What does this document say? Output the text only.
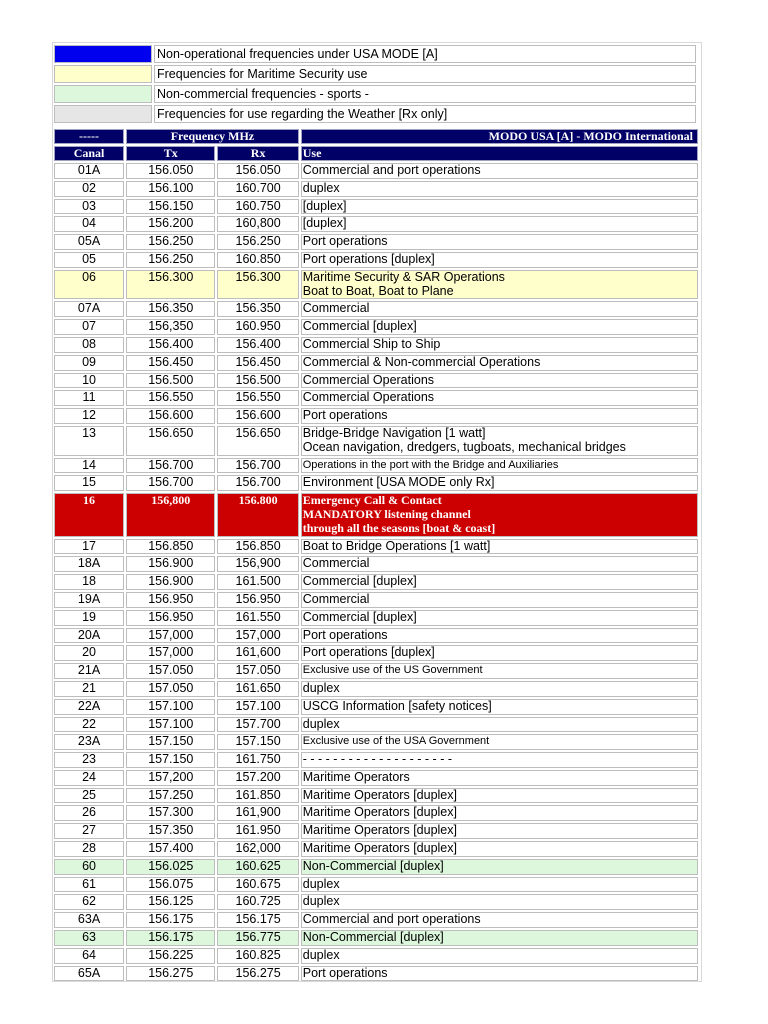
	Non-operational frequencies under USA MODE [A]
	Frequencies for Maritime Security use
	Non-commercial frequencies - sports -
	Frequencies for use regarding the Weather [Rx only]
-----	Frequency MHz		MODO USA [A] - MODO International
Canal	Tx	Rx	Use
01A	156.050	156.050	Commercial and port operations

02	156.100	160.700	duplex

03	156.150	160.750	[duplex]

04	156.200	160,800	[duplex]

05A	156.250	156.250	Port operations

05	156.250	160.850	Port operations [duplex]

06	156.300	156.300	Maritime Security & SAR Operations
Boat to Boat, Boat to Plane

07A	156.350	156.350	Commercial

07	156,350	160.950	Commercial [duplex]

08	156.400	156.400	Commercial Ship to Ship

09	156.450	156.450	Commercial & Non-commercial Operations

10	156.500	156.500	Commercial Operations

11	156.550	156.550	Commercial Operations

12	156.600	156.600	Port operations

13	156.650	156.650	Bridge-Bridge Navigation [1 watt]
Ocean navigation, dredgers, tugboats, mechanical bridges

14	156.700	156.700	Operations in the port with the Bridge and Auxiliaries

15	156.700	156.700	Environment [USA MODE only Rx]

16	156,800	156.800	Emergency Call & Contact
MANDATORY listening channel
through all the seasons [boat & coast]

17	156.850	156.850	Boat to Bridge Operations [1 watt]

18A	156.900	156,900	Commercial

18	156.900	161.500	Commercial [duplex]

19A	156.950	156.950	Commercial

19	156.950	161.550	Commercial [duplex]

20A	157,000	157,000	Port operations

20	157,000	161,600	Port operations [duplex]

21A	157.050	157.050	Exclusive use of the US Government

21	157.050	161.650	duplex

22A	157.100	157.100	USCG Information [safety notices]

22	157.100	157.700	duplex

23A	157.150	157.150	Exclusive use of the USA Government

23	157.150	161.750	- - - - - - - - - - - - - - - - - - - -

24	157,200	157.200	Maritime Operators

25	157.250	161.850	Maritime Operators [duplex]

26	157.300	161,900	Maritime Operators [duplex]

27	157.350	161.950	Maritime Operators [duplex]

28	157.400	162,000	Maritime Operators [duplex]

60	156.025	160.625	Non-Commercial [duplex]

61	156.075	160.675	duplex

62	156.125	160.725	duplex

63A	156.175	156.175	Commercial and port operations

63	156.175	156.775	Non-Commercial [duplex]

64	156.225	160.825	duplex

65A	156.275	156.275	Port operations
